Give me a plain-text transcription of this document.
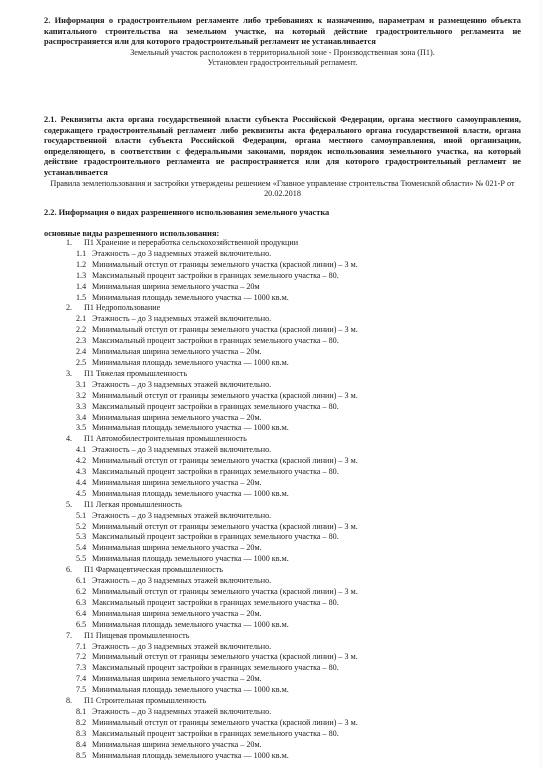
2. Информация о градостроительном регламенте либо требованиях к назначению, параметрам и размещению объекта капитального строительства на земельном участке, на который действие градостроительного регламента не распространяется или для которого градостроительный регламент не устанавливается

Земельный участок расположен в территориальной зоне - Производственная зона (П1).

Установлен градостроительный регламент.

2.1. Реквизиты акта органа государственной власти субъекта Российской Федерации, органа местного самоуправления, содержащего градостроительный регламент либо реквизиты акта федерального органа государственной власти, органа государственной власти субъекта Российской Федерации, органа местного самоуправления, иной организации, определяющего, в соответствии с федеральными законами, порядок использования земельного участка, на который действие градостроительного регламента не распространяется или для которого градостроительный регламент не устанавливается

Правила землепользования и застройки утверждены решением «Главное управление строительства Тюменской области» № 021-Р от 20.02.2018

2.2. Информация о видах разрешенного использования земельного участка

основные виды разрешенного использования:

1. П1 Хранение и переработка сельскохозяйственной продукции
1.1 Этажность – до 3 надземных этажей включительно.
1.2 Минимальный отступ от границы земельного участка (красной линии) – 3 м.
1.3 Максимальный процент застройки в границах земельного участка – 80.
1.4 Минимальная ширина земельного участка – 20м
1.5 Минимальная площадь земельного участка — 1000 кв.м.
2. П1 Недропользование
2.1 Этажность – до 3 надземных этажей включительно.
2.2 Минимальный отступ от границы земельного участка (красной линии) – 3 м.
2.3 Максимальный процент застройки в границах земельного участка – 80.
2.4 Минимальная ширина земельного участка – 20м.
2.5 Минимальная площадь земельного участка — 1000 кв.м.
3. П1 Тяжелая промышленность
3.1 Этажность – до 3 надземных этажей включительно.
3.2 Минимальный отступ от границы земельного участка (красной линии) – 3 м.
3.3 Максимальный процент застройки в границах земельного участка – 80.
3.4 Минимальная ширина земельного участка – 20м.
3.5 Минимальная площадь земельного участка — 1000 кв.м.
4. П1 Автомобилестроительная промышленность
4.1 Этажность – до 3 надземных этажей включительно.
4.2 Минимальный отступ от границы земельного участка (красной линии) – 3 м.
4.3 Максимальный процент застройки в границах земельного участка – 80.
4.4 Минимальная ширина земельного участка – 20м.
4.5 Минимальная площадь земельного участка — 1000 кв.м.
5. П1 Легкая промышленность
5.1 Этажность – до 3 надземных этажей включительно.
5.2 Минимальный отступ от границы земельного участка (красной линии) – 3 м.
5.3 Максимальный процент застройки в границах земельного участка – 80.
5.4 Минимальная ширина земельного участка – 20м.
5.5 Минимальная площадь земельного участка — 1000 кв.м.
6. П1 Фармацевтическая промышленность
6.1 Этажность – до 3 надземных этажей включительно.
6.2 Минимальный отступ от границы земельного участка (красной линии) – 3 м.
6.3 Максимальный процент застройки в границах земельного участка – 80.
6.4 Минимальная ширина земельного участка – 20м.
6.5 Минимальная площадь земельного участка — 1000 кв.м.
7. П1 Пищевая промышленность
7.1 Этажность – до 3 надземных этажей включительно.
7.2 Минимальный отступ от границы земельного участка (красной линии) – 3 м.
7.3 Максимальный процент застройки в границах земельного участка – 80.
7.4 Минимальная ширина земельного участка – 20м.
7.5 Минимальная площадь земельного участка — 1000 кв.м.
8. П1 Строительная промышленность
8.1 Этажность – до 3 надземных этажей включительно.
8.2 Минимальный отступ от границы земельного участка (красной линии) – 3 м.
8.3 Максимальный процент застройки в границах земельного участка – 80.
8.4 Минимальная ширина земельного участка – 20м.
8.5 Минимальная площадь земельного участка — 1000 кв.м.
